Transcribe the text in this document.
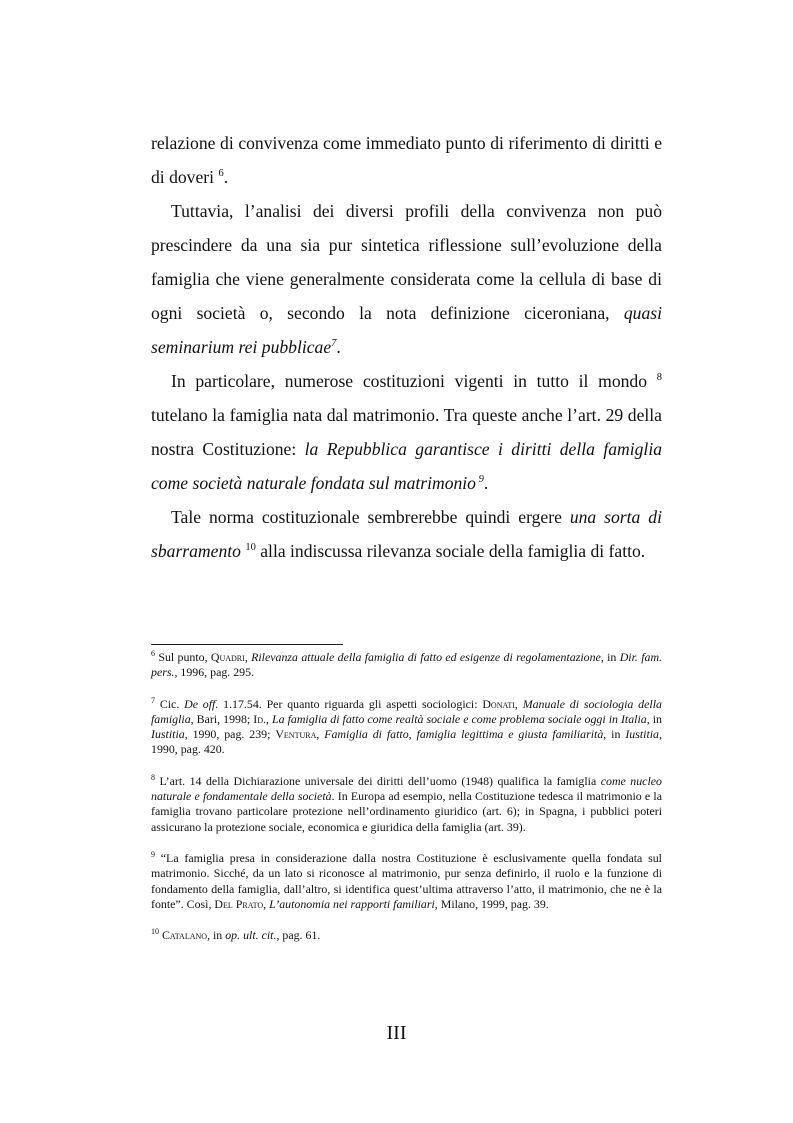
relazione di convivenza come immediato punto di riferimento di diritti e di doveri $^6$.

Tuttavia, l’analisi dei diversi profili della convivenza non può prescindere da una sia pur sintetica riflessione sull’evoluzione della famiglia che viene generalmente considerata come la cellula di base di ogni società o, secondo la nota definizione ciceroniana, quasi seminarium rei pubblicae$^7$.

In particolare, numerose costituzioni vigenti in tutto il mondo $^8$ tutelano la famiglia nata dal matrimonio. Tra queste anche l’art. 29 della nostra Costituzione: la Repubblica garantisce i diritti della famiglia come società naturale fondata sul matrimonio $^9$.

Tale norma costituzionale sembrerebbe quindi ergere una sorta di sbarramento $^{10}$ alla indiscussa rilevanza sociale della famiglia di fatto.

$^6$ Sul punto, Quadri, Rilevanza attuale della famiglia di fatto ed esigenze di regolamentazione, in Dir. fam. pers., 1996, pag. 295.

$^7$ Cic. De off. 1.17.54. Per quanto riguarda gli aspetti sociologici: Donati, Manuale di sociologia della famiglia, Bari, 1998; Id., La famiglia di fatto come realtà sociale e come problema sociale oggi in Italia, in Iustitia, 1990, pag. 239; Ventura, Famiglia di fatto, famiglia legittima e giusta familiarità, in Iustitia, 1990, pag. 420.

$^8$ L’art. 14 della Dichiarazione universale dei diritti dell’uomo (1948) qualifica la famiglia come nucleo naturale e fondamentale della società. In Europa ad esempio, nella Costituzione tedesca il matrimonio e la famiglia trovano particolare protezione nell’ordinamento giuridico (art. 6); in Spagna, i pubblici poteri assicurano la protezione sociale, economica e giuridica della famiglia (art. 39).

$^9$ “La famiglia presa in considerazione dalla nostra Costituzione è esclusivamente quella fondata sul matrimonio. Sicché, da un lato si riconosce al matrimonio, pur senza definirlo, il ruolo e la funzione di fondamento della famiglia, dall’altro, si identifica quest’ultima attraverso l’atto, il matrimonio, che ne è la fonte”. Così, Del Prato, L’autonomia nei rapporti familiari, Milano, 1999, pag. 39.

$^{10}$ Catalano, in op. ult. cit., pag. 61.

III
